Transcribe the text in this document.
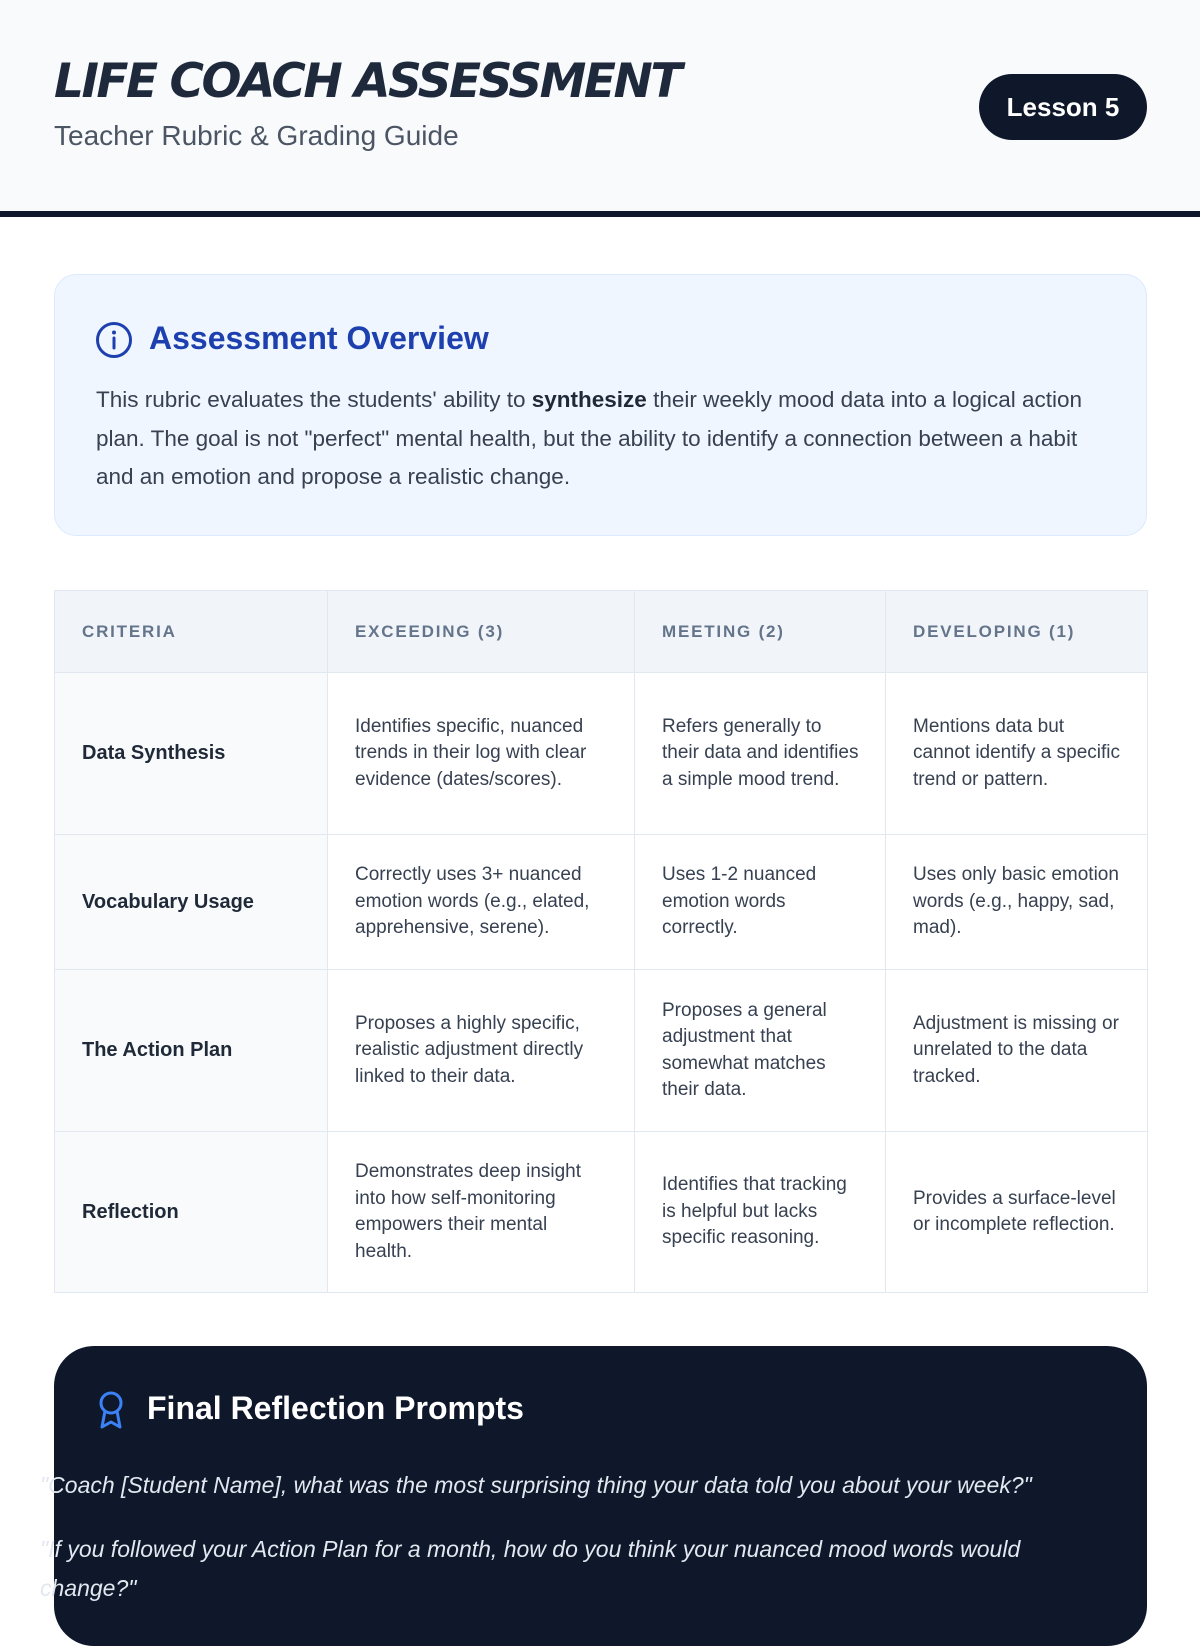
LIFE COACH ASSESSMENT
Teacher Rubric & Grading Guide
Lesson 5
Assessment Overview

This rubric evaluates the students' ability to synthesize their weekly mood data into a logical action plan. The goal is not "perfect" mental health, but the ability to identify a connection between a habit and an emotion and propose a realistic change.

CRITERIA	EXCEEDING (3)	MEETING (2)	DEVELOPING (1)
Data Synthesis	Identifies specific, nuanced trends in their log with clear evidence (dates/scores).	Refers generally to their data and identifies a simple mood trend.	Mentions data but cannot identify a specific trend or pattern.
Vocabulary Usage	Correctly uses 3+ nuanced emotion words (e.g., elated, apprehensive, serene).	Uses 1-2 nuanced emotion words correctly.	Uses only basic emotion words (e.g., happy, sad, mad).
The Action Plan	Proposes a highly specific, realistic adjustment directly linked to their data.	Proposes a general adjustment that somewhat matches their data.	Adjustment is missing or unrelated to the data tracked.
Reflection	Demonstrates deep insight into how self-monitoring empowers their mental health.	Identifies that tracking is helpful but lacks specific reasoning.	Provides a surface-level or incomplete reflection.
Final Reflection Prompts

"Coach [Student Name], what was the most surprising thing your data told you about your week?"

"If you followed your Action Plan for a month, how do you think your nuanced mood words would change?"
